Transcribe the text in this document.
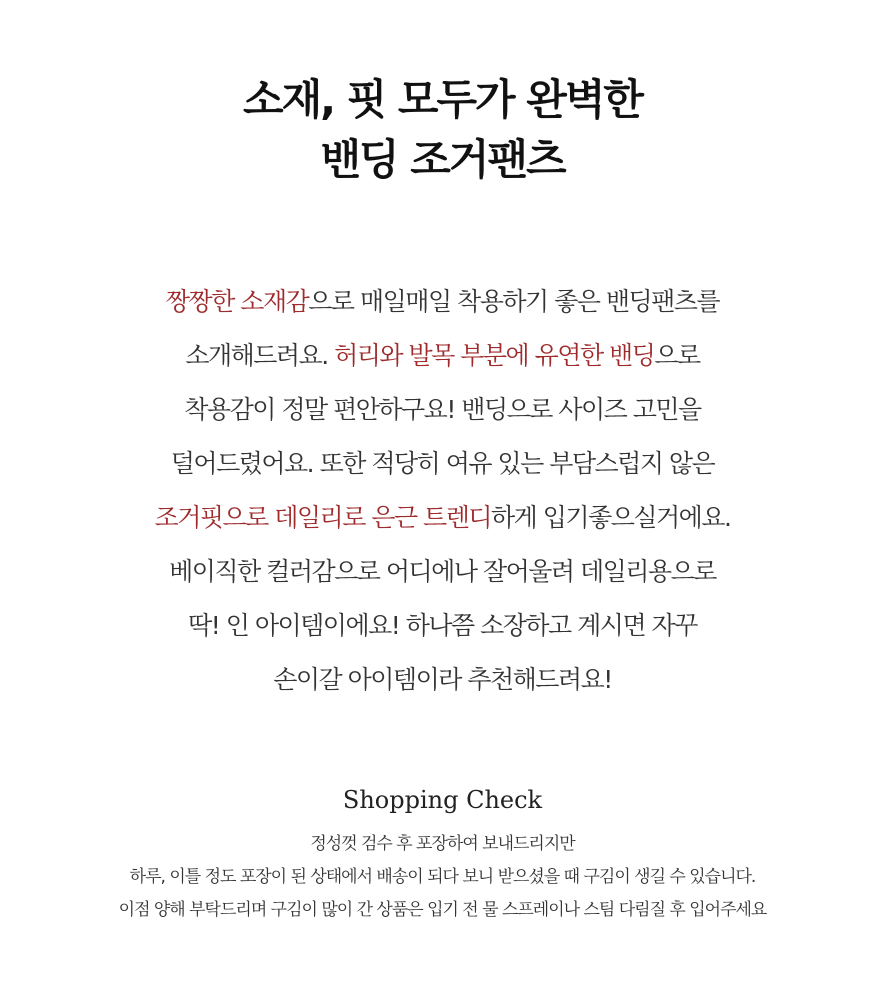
소재, 핏 모두가 완벽한
밴딩 조거팬츠
짱짱한 소재감으로 매일매일 착용하기 좋은 밴딩팬츠를
소개해드려요. 허리와 발목 부분에 유연한 밴딩으로
착용감이 정말 편안하구요! 밴딩으로 사이즈 고민을
덜어드렸어요. 또한 적당히 여유 있는 부담스럽지 않은
조거핏으로 데일리로 은근 트렌디하게 입기좋으실거에요.
베이직한 컬러감으로 어디에나 잘어울려 데일리용으로
딱! 인 아이템이에요! 하나쯤 소장하고 계시면 자꾸
손이갈 아이템이라 추천해드려요!
Shopping Check
정성껏 검수 후 포장하여 보내드리지만
하루, 이틀 정도 포장이 된 상태에서 배송이 되다 보니 받으셨을 때 구김이 생길 수 있습니다.
이점 양해 부탁드리며 구김이 많이 간 상품은 입기 전 물 스프레이나 스팀 다림질 후 입어주세요
